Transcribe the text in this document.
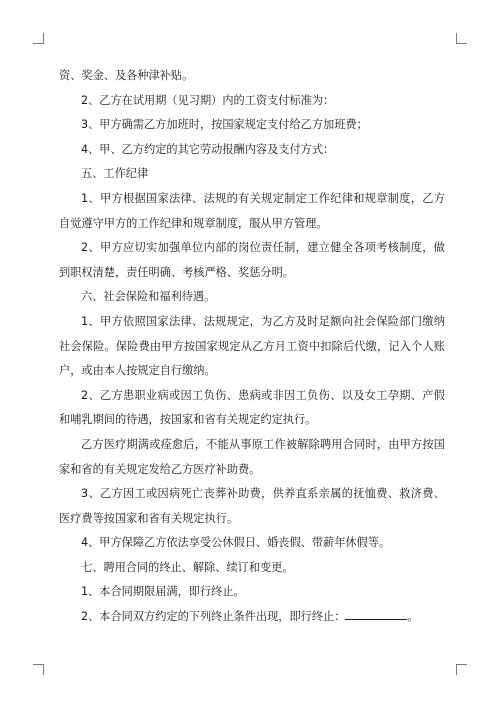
资、奖金、及各种津补贴。

2、乙方在试用期（见习期）内的工资支付标准为：

3、甲方确需乙方加班时，按国家规定支付给乙方加班费；

4、甲、乙方约定的其它劳动报酬内容及支付方式：

五、工作纪律

1、甲方根据国家法律、法规的有关规定制定工作纪律和规章制度，乙方自觉遵守甲方的工作纪律和规章制度，服从甲方管理。

2、甲方应切实加强单位内部的岗位责任制，建立健全各项考核制度，做到职权清楚，责任明确、考核严格、奖惩分明。

六、社会保险和福利待遇。

1、甲方依照国家法律、法规规定，为乙方及时足额向社会保险部门缴纳社会保险。保险费由甲方按国家规定从乙方月工资中扣除后代缴，记入个人账户，或由本人按规定自行缴纳。

2、乙方患职业病或因工负伤、患病或非因工负伤、以及女工孕期、产假和哺乳期间的待遇，按国家和省有关规定约定执行。

乙方医疗期满或痊愈后，不能从事原工作被解除聘用合同时，由甲方按国家和省的有关规定发给乙方医疗补助费。

3、乙方因工或因病死亡丧葬补助费，供养直系亲属的抚恤费、救济费、医疗费等按国家和省有关规定执行。

4、甲方保障乙方依法享受公休假日、婚丧假、带薪年休假等。

七、聘用合同的终止、解除、续订和变更。

1、本合同期限届满，即行终止。

2、本合同双方约定的下列终止条件出现，即行终止：	。
